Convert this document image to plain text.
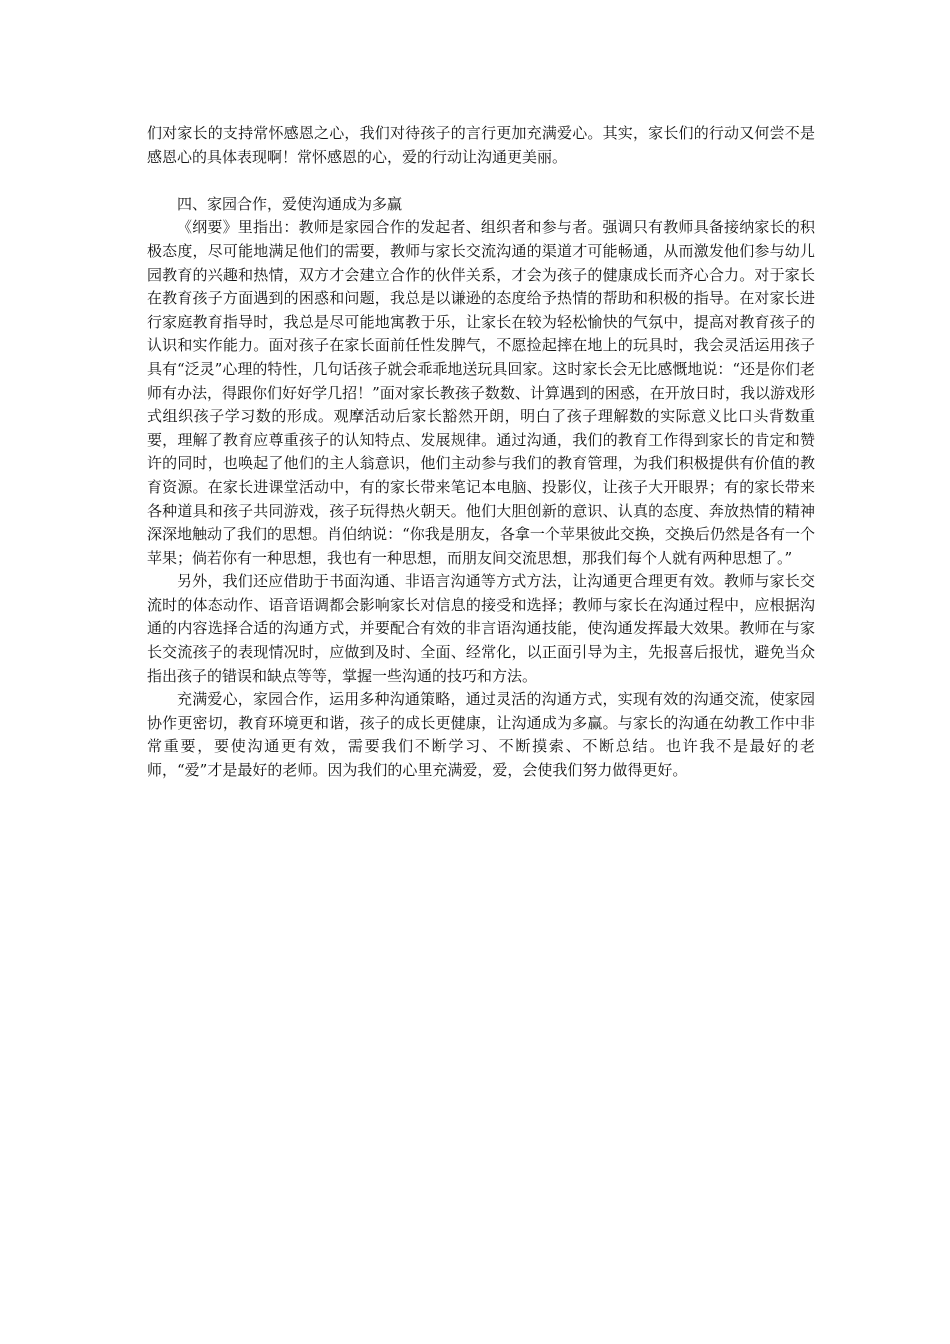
们对家长的支持常怀感恩之心，我们对待孩子的言行更加充满爱心。其实，家长们的行动又何尝不是感恩心的具体表现啊！常怀感恩的心，爱的行动让沟通更美丽。

四、家园合作，爱使沟通成为多赢

《纲要》里指出：教师是家园合作的发起者、组织者和参与者。强调只有教师具备接纳家长的积极态度，尽可能地满足他们的需要，教师与家长交流沟通的渠道才可能畅通，从而激发他们参与幼儿园教育的兴趣和热情，双方才会建立合作的伙伴关系，才会为孩子的健康成长而齐心合力。对于家长在教育孩子方面遇到的困惑和问题，我总是以谦逊的态度给予热情的帮助和积极的指导。在对家长进行家庭教育指导时，我总是尽可能地寓教于乐，让家长在较为轻松愉快的气氛中，提高对教育孩子的认识和实作能力。面对孩子在家长面前任性发脾气，不愿捡起摔在地上的玩具时，我会灵活运用孩子具有“泛灵”心理的特性，几句话孩子就会乖乖地送玩具回家。这时家长会无比感慨地说：“还是你们老师有办法，得跟你们好好学几招！”面对家长教孩子数数、计算遇到的困惑，在开放日时，我以游戏形式组织孩子学习数的形成。观摩活动后家长豁然开朗，明白了孩子理解数的实际意义比口头背数重要，理解了教育应尊重孩子的认知特点、发展规律。通过沟通，我们的教育工作得到家长的肯定和赞许的同时，也唤起了他们的主人翁意识，他们主动参与我们的教育管理，为我们积极提供有价值的教育资源。在家长进课堂活动中，有的家长带来笔记本电脑、投影仪，让孩子大开眼界；有的家长带来各种道具和孩子共同游戏，孩子玩得热火朝天。他们大胆创新的意识、认真的态度、奔放热情的精神深深地触动了我们的思想。肖伯纳说：“你我是朋友，各拿一个苹果彼此交换，交换后仍然是各有一个苹果；倘若你有一种思想，我也有一种思想，而朋友间交流思想，那我们每个人就有两种思想了。”

另外，我们还应借助于书面沟通、非语言沟通等方式方法，让沟通更合理更有效。教师与家长交流时的体态动作、语音语调都会影响家长对信息的接受和选择；教师与家长在沟通过程中，应根据沟通的内容选择合适的沟通方式，并要配合有效的非言语沟通技能，使沟通发挥最大效果。教师在与家长交流孩子的表现情况时，应做到及时、全面、经常化，以正面引导为主，先报喜后报忧，避免当众指出孩子的错误和缺点等等，掌握一些沟通的技巧和方法。

充满爱心，家园合作，运用多种沟通策略，通过灵活的沟通方式，实现有效的沟通交流，使家园协作更密切，教育环境更和谐，孩子的成长更健康，让沟通成为多赢。与家长的沟通在幼教工作中非常重要，要使沟通更有效，需要我们不断学习、不断摸索、不断总结。也许我不是最好的老师，“爱”才是最好的老师。因为我们的心里充满爱，爱，会使我们努力做得更好。
